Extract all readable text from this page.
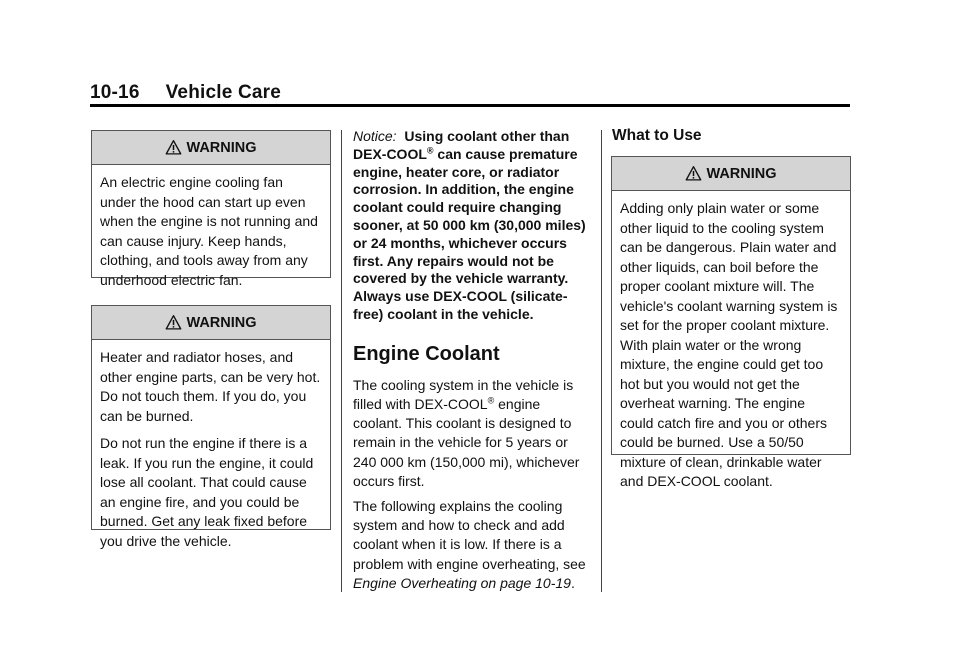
10-16 Vehicle Care
WARNING

An electric engine cooling fan under the hood can start up even when the engine is not running and can cause injury. Keep hands, clothing, and tools away from any underhood electric fan.

WARNING

Heater and radiator hoses, and other engine parts, can be very hot. Do not touch them. If you do, you can be burned.

Do not run the engine if there is a leak. If you run the engine, it could lose all coolant. That could cause an engine fire, and you could be burned. Get any leak fixed before you drive the vehicle.

Notice: Using coolant other than DEX-COOL® can cause premature engine, heater core, or radiator corrosion. In addition, the engine coolant could require changing sooner, at 50 000 km (30,000 miles) or 24 months, whichever occurs first. Any repairs would not be covered by the vehicle warranty. Always use DEX-COOL (silicate-free) coolant in the vehicle.

Engine Coolant

The cooling system in the vehicle is filled with DEX-COOL® engine coolant. This coolant is designed to remain in the vehicle for 5 years or 240 000 km (150,000 mi), whichever occurs first.

The following explains the cooling system and how to check and add coolant when it is low. If there is a problem with engine overheating, see Engine Overheating on page 10-19.

What to Use
WARNING

Adding only plain water or some other liquid to the cooling system can be dangerous. Plain water and other liquids, can boil before the proper coolant mixture will. The vehicle's coolant warning system is set for the proper coolant mixture. With plain water or the wrong mixture, the engine could get too hot but you would not get the overheat warning. The engine could catch fire and you or others could be burned. Use a 50/50 mixture of clean, drinkable water and DEX-COOL coolant.
